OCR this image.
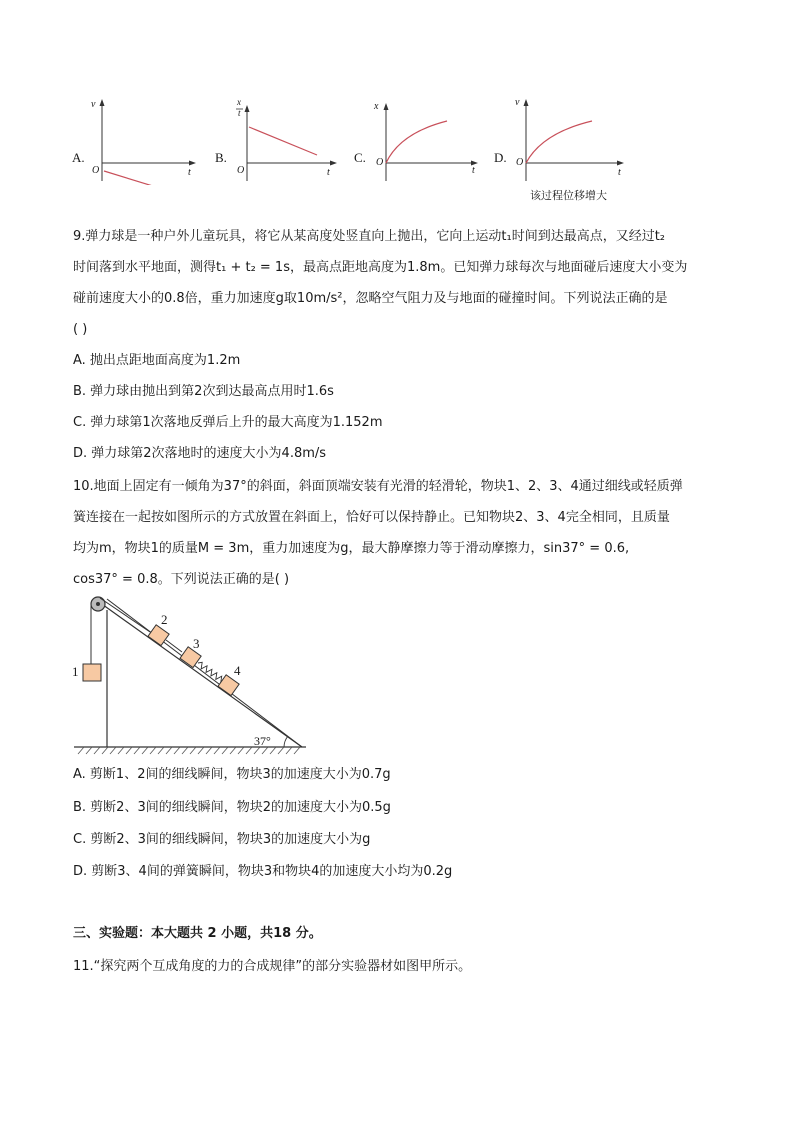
A.
v
O	t
B.
x
t
O	t
C.
x
O
t
D.
v
O
t
该过程位移增大
9.弹力球是一种户外儿童玩具，将它从某高度处竖直向上抛出，它向上运动t₁时间到达最高点，又经过t₂
时间落到水平地面，测得t₁ + t₂ = 1s，最高点距地高度为1.8m。已知弹力球每次与地面碰后速度大小变为
碰前速度大小的0.8倍，重力加速度g取10m/s²，忽略空气阻力及与地面的碰撞时间。下列说法正确的是
( )
A. 抛出点距地面高度为1.2m
B. 弹力球由抛出到第2次到达最高点用时1.6s
C. 弹力球第1次落地反弹后上升的最大高度为1.152m
D. 弹力球第2次落地时的速度大小为4.8m/s
10.地面上固定有一倾角为37°的斜面，斜面顶端安装有光滑的轻滑轮，物块1、2、3、4通过细线或轻质弹
簧连接在一起按如图所示的方式放置在斜面上，恰好可以保持静止。已知物块2、3、4完全相同，且质量
均为m，物块1的质量M = 3m，重力加速度为g，最大静摩擦力等于滑动摩擦力，sin37° = 0.6,
cos37° = 0.8。下列说法正确的是( )
1
2
3
4
37°
A. 剪断1、2间的细线瞬间，物块3的加速度大小为0.7g
B. 剪断2、3间的细线瞬间，物块2的加速度大小为0.5g
C. 剪断2、3间的细线瞬间，物块3的加速度大小为g
D. 剪断3、4间的弹簧瞬间，物块3和物块4的加速度大小均为0.2g
三、实验题：本大题共 2 小题，共18 分。
11.“探究两个互成角度的力的合成规律”的部分实验器材如图甲所示。
